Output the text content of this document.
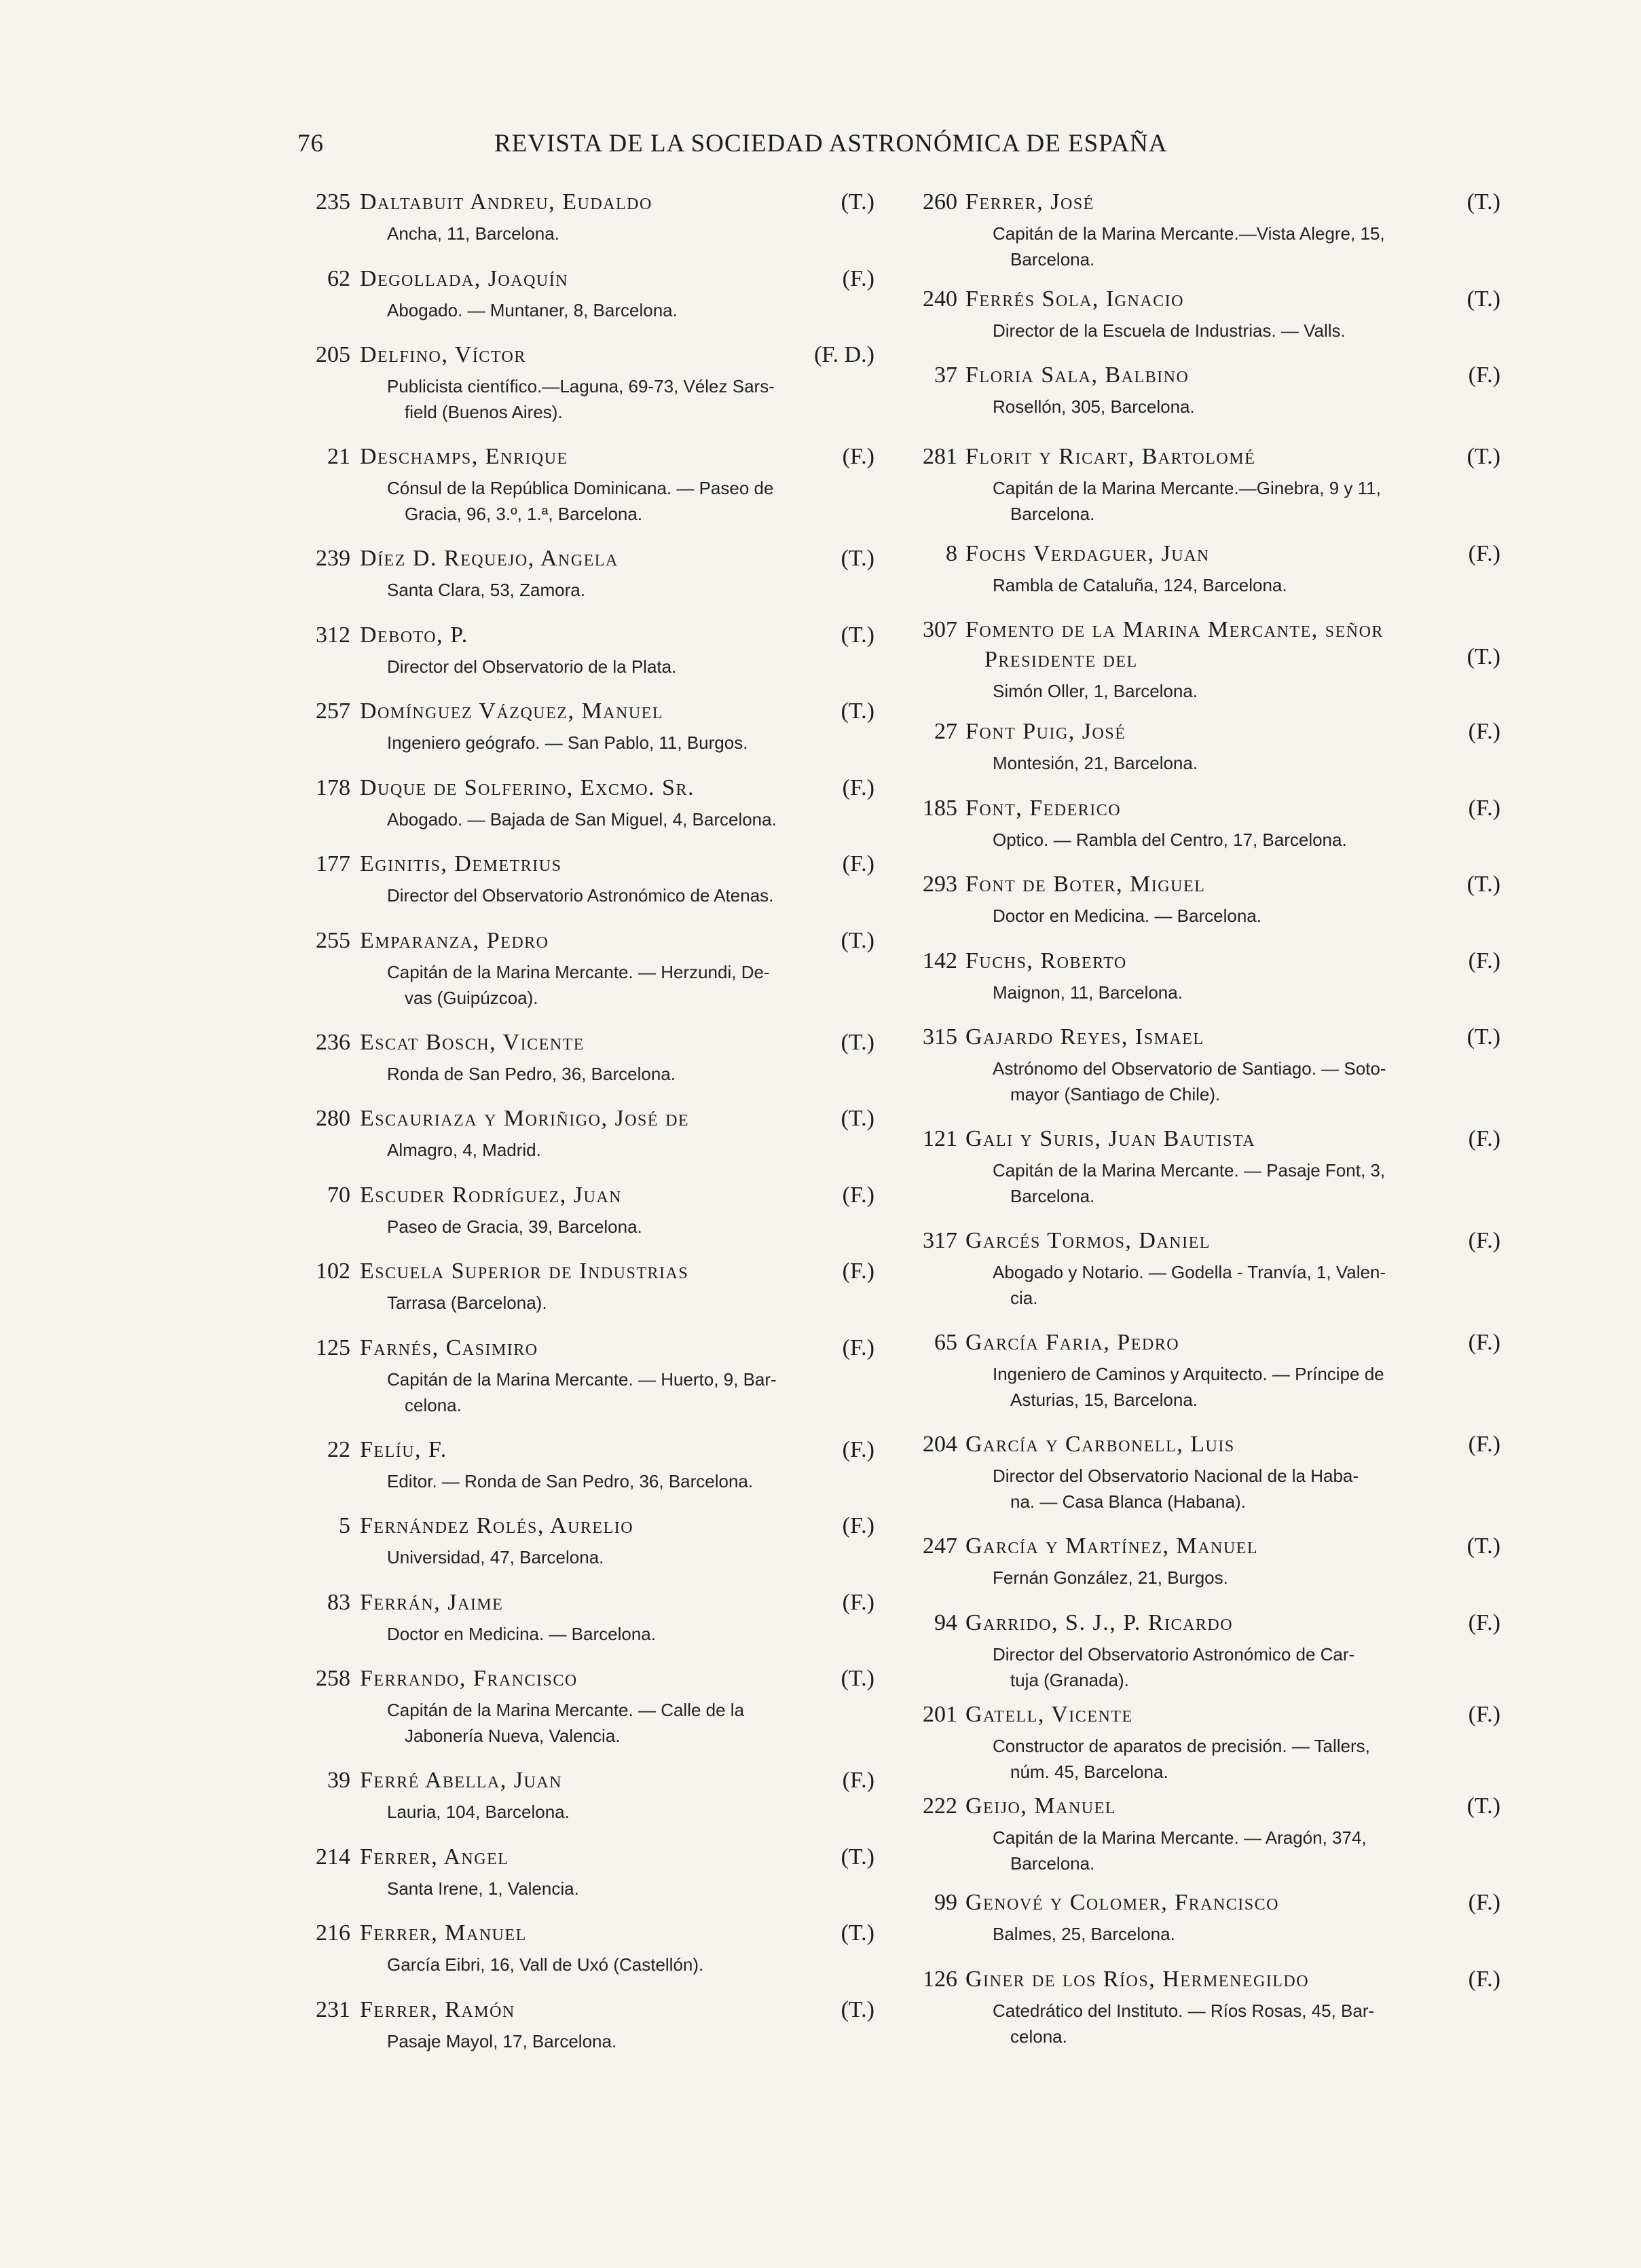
76	REVISTA DE LA SOCIEDAD ASTRONÓMICA DE ESPAÑA
235 Daltabuit Andreu, Eudaldo	(T.)
Ancha, 11, Barcelona.
62 Degollada, Joaquín	(F.)
Abogado. — Muntaner, 8, Barcelona.
205 Delfino, Víctor	(F. D.)
Publicista científico.—Laguna, 69-73, Vélez Sars-
field (Buenos Aires).
21 Deschamps, Enrique	(F.)
Cónsul de la República Dominicana. — Paseo de
Gracia, 96, 3.º, 1.ª, Barcelona.
239 Díez D. Requejo, Angela	(T.)
Santa Clara, 53, Zamora.
312 Deboto, P.	(T.)
Director del Observatorio de la Plata.
257 Domínguez Vázquez, Manuel	(T.)
Ingeniero geógrafo. — San Pablo, 11, Burgos.
178 Duque de Solferino, Excmo. Sr.	(F.)
Abogado. — Bajada de San Miguel, 4, Barcelona.
177 Eginitis, Demetrius	(F.)
Director del Observatorio Astronómico de Atenas.
255 Emparanza, Pedro	(T.)
Capitán de la Marina Mercante. — Herzundi, De-
vas (Guipúzcoa).
236 Escat Bosch, Vicente	(T.)
Ronda de San Pedro, 36, Barcelona.
280 Escauriaza y Moriñigo, José de	(T.)
Almagro, 4, Madrid.
70 Escuder Rodríguez, Juan	(F.)
Paseo de Gracia, 39, Barcelona.
102 Escuela Superior de Industrias	(F.)
Tarrasa (Barcelona).
125 Farnés, Casimiro	(F.)
Capitán de la Marina Mercante. — Huerto, 9, Bar-
celona.
22 Felíu, F.	(F.)
Editor. — Ronda de San Pedro, 36, Barcelona.
5 Fernández Rolés, Aurelio	(F.)
Universidad, 47, Barcelona.
83 Ferrán, Jaime	(F.)
Doctor en Medicina. — Barcelona.
258 Ferrando, Francisco	(T.)
Capitán de la Marina Mercante. — Calle de la
Jabonería Nueva, Valencia.
39 Ferré Abella, Juan	(F.)
Lauria, 104, Barcelona.
214 Ferrer, Angel	(T.)
Santa Irene, 1, Valencia.
216 Ferrer, Manuel	(T.)
García Eibri, 16, Vall de Uxó (Castellón).
231 Ferrer, Ramón	(T.)
Pasaje Mayol, 17, Barcelona.
260 Ferrer, José	(T.)
Capitán de la Marina Mercante.—Vista Alegre, 15,
Barcelona.
240 Ferrés Sola, Ignacio	(T.)
Director de la Escuela de Industrias. — Valls.
37 Floria Sala, Balbino	(F.)
Rosellón, 305, Barcelona.
281 Florit y Ricart, Bartolomé	(T.)
Capitán de la Marina Mercante.—Ginebra, 9 y 11,
Barcelona.
8 Fochs Verdaguer, Juan	(F.)
Rambla de Cataluña, 124, Barcelona.
307 Fomento de la Marina Mercante, señor
Presidente del	(T.)
Simón Oller, 1, Barcelona.
27 Font Puig, José	(F.)
Montesión, 21, Barcelona.
185 Font, Federico	(F.)
Optico. — Rambla del Centro, 17, Barcelona.
293 Font de Boter, Miguel	(T.)
Doctor en Medicina. — Barcelona.
142 Fuchs, Roberto	(F.)
Maignon, 11, Barcelona.
315 Gajardo Reyes, Ismael	(T.)
Astrónomo del Observatorio de Santiago. — Soto-
mayor (Santiago de Chile).
121 Gali y Suris, Juan Bautista	(F.)
Capitán de la Marina Mercante. — Pasaje Font, 3,
Barcelona.
317 Garcés Tormos, Daniel	(F.)
Abogado y Notario. — Godella - Tranvía, 1, Valen-
cia.
65 García Faria, Pedro	(F.)
Ingeniero de Caminos y Arquitecto. — Príncipe de
Asturias, 15, Barcelona.
204 García y Carbonell, Luis	(F.)
Director del Observatorio Nacional de la Haba-
na. — Casa Blanca (Habana).
247 García y Martínez, Manuel	(T.)
Fernán González, 21, Burgos.
94 Garrido, S. J., P. Ricardo	(F.)
Director del Observatorio Astronómico de Car-
tuja (Granada).
201 Gatell, Vicente	(F.)
Constructor de aparatos de precisión. — Tallers,
núm. 45, Barcelona.
222 Geijo, Manuel	(T.)
Capitán de la Marina Mercante. — Aragón, 374,
Barcelona.
99 Genové y Colomer, Francisco	(F.)
Balmes, 25, Barcelona.
126 Giner de los Ríos, Hermenegildo	(F.)
Catedrático del Instituto. — Ríos Rosas, 45, Bar-
celona.
